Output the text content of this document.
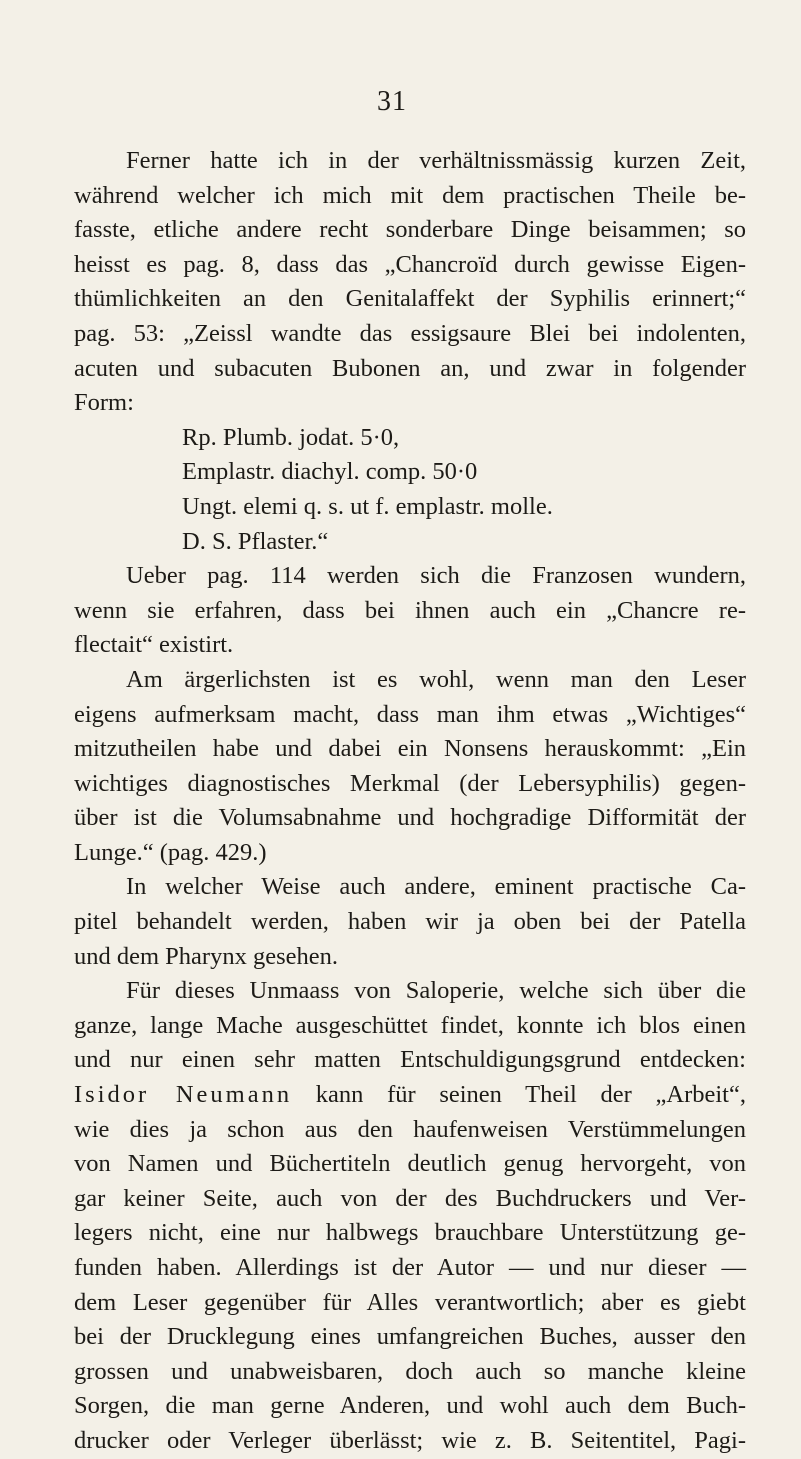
31
Ferner hatte ich in der verhältnissmässig kurzen Zeit,
während welcher ich mich mit dem practischen Theile be-
fasste, etliche andere recht sonderbare Dinge beisammen; so
heisst es pag. 8, dass das „Chancroïd durch gewisse Eigen-
thümlichkeiten an den Genitalaffekt der Syphilis erinnert;“
pag. 53: „Zeissl wandte das essigsaure Blei bei indolenten,
acuten und subacuten Bubonen an, und zwar in folgender
Form:
Rp. Plumb. jodat. 5·0,
Emplastr. diachyl. comp. 50·0
Ungt. elemi q. s. ut f. emplastr. molle.
D. S. Pflaster.“
Ueber pag. 114 werden sich die Franzosen wundern,
wenn sie erfahren, dass bei ihnen auch ein „Chancre re-
flectait“ existirt.
Am ärgerlichsten ist es wohl, wenn man den Leser
eigens aufmerksam macht, dass man ihm etwas „Wichtiges“
mitzutheilen habe und dabei ein Nonsens herauskommt: „Ein
wichtiges diagnostisches Merkmal (der Lebersyphilis) gegen-
über ist die Volumsabnahme und hochgradige Difformität der
Lunge.“ (pag. 429.)
In welcher Weise auch andere, eminent practische Ca-
pitel behandelt werden, haben wir ja oben bei der Patella
und dem Pharynx gesehen.
Für dieses Unmaass von Saloperie, welche sich über die
ganze, lange Mache ausgeschüttet findet, konnte ich blos einen
und nur einen sehr matten Entschuldigungsgrund entdecken:
Isidor Neumann kann für seinen Theil der „Arbeit“,
wie dies ja schon aus den haufenweisen Verstümmelungen
von Namen und Büchertiteln deutlich genug hervorgeht, von
gar keiner Seite, auch von der des Buchdruckers und Ver-
legers nicht, eine nur halbwegs brauchbare Unterstützung ge-
funden haben. Allerdings ist der Autor — und nur dieser —
dem Leser gegenüber für Alles verantwortlich; aber es giebt
bei der Drucklegung eines umfangreichen Buches, ausser den
grossen und unabweisbaren, doch auch so manche kleine
Sorgen, die man gerne Anderen, und wohl auch dem Buch-
drucker oder Verleger überlässt; wie z. B. Seitentitel, Pagi-
